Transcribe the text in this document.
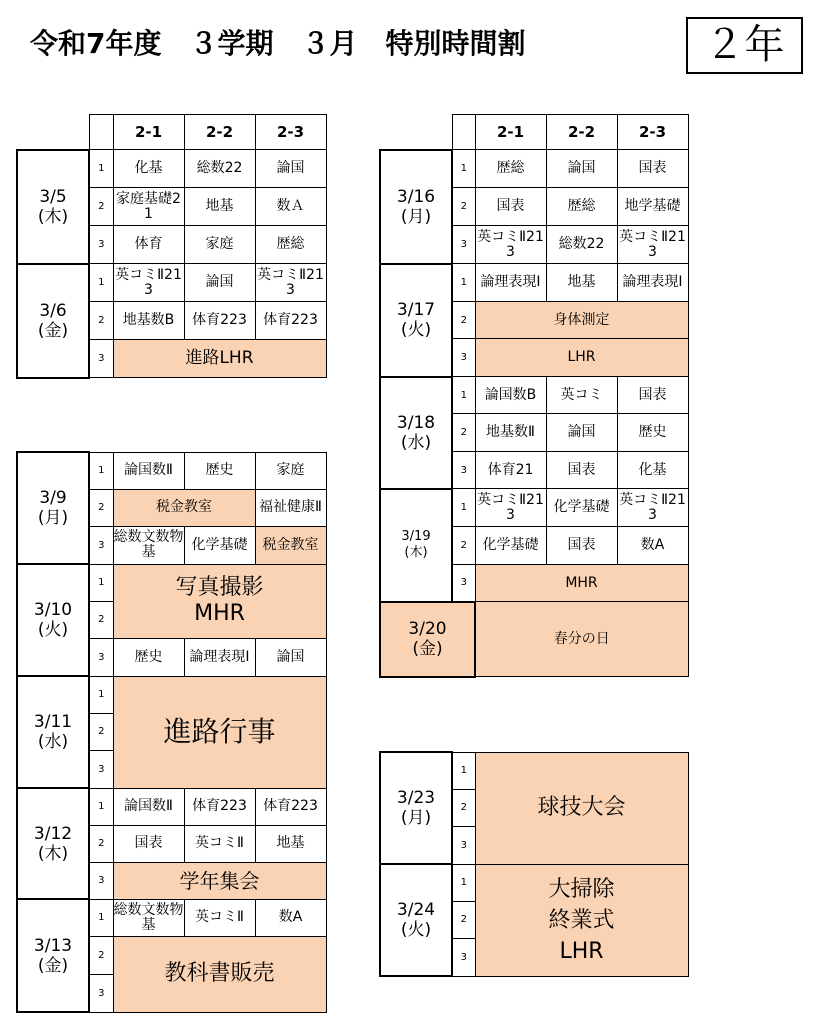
令和7年度　３学期　３月　特別時間割	２年
		2-1	2-2	2-3
3/5
(木)	1	化基	総数22	論国
	2	家庭基礎21	地基	数Ａ
	3	体育	家庭	歴総
3/6
(金)	1	英コミⅡ213	論国	英コミⅡ213
	2	地基数B	体育223	体育223
	3	進路LHR		
3/9
(月)	1	論国数Ⅱ	歴史	家庭
	2	税金教室		福祉健康Ⅱ
	3	総数文数物基	化学基礎	税金教室
3/10
(火)	1	写真撮影
MHR		
	2			
	3	歴史	論理表現Ⅰ	論国
3/11
(水)	1	進路行事		
	2			
	3			
3/12
(木)	1	論国数Ⅱ	体育223	体育223
	2	国表	英コミⅡ	地基
	3	学年集会		
3/13
(金)	1	総数文数物基	英コミⅡ	数A
	2	教科書販売		
	3			
		2-1	2-2	2-3
3/16
(月)	1	歴総	論国	国表
	2	国表	歴総	地学基礎
	3	英コミⅡ213	総数22	英コミⅡ213
3/17
(火)	1	論理表現Ⅰ	地基	論理表現Ⅰ
	2	身体測定		
	3	LHR		
3/18
(水)	1	論国数B	英コミ	国表
	2	地基数Ⅱ	論国	歴史
	3	体育21	国表	化基
3/19
(木)	1	英コミⅡ213	化学基礎	英コミⅡ213
	2	化学基礎	国表	数A
	3	MHR		
3/20
(金)		春分の日		
3/23
(月)	1	球技大会
	2	
	3	
3/24
(火)	1	大掃除
終業式
LHR
	2	
	3	
